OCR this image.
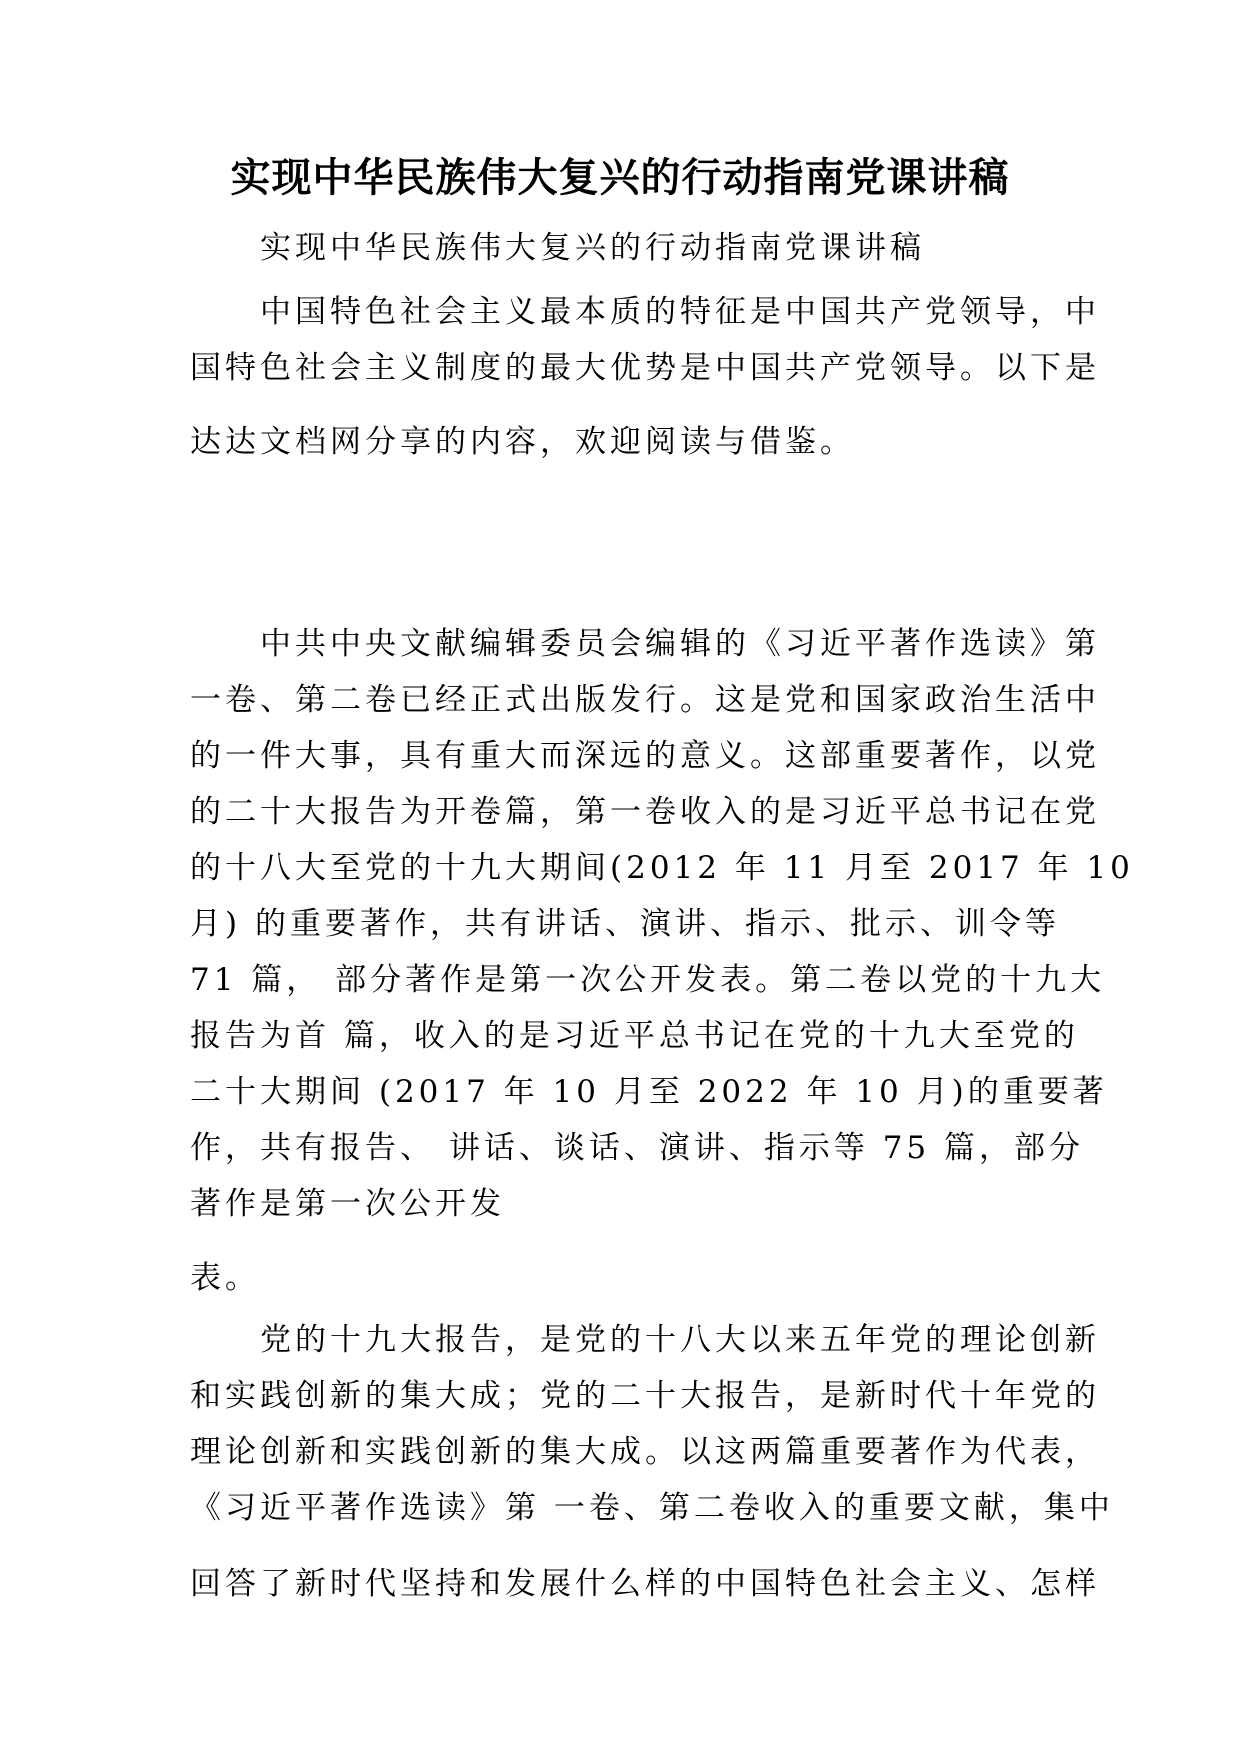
实现中华民族伟大复兴的行动指南党课讲稿
实现中华民族伟大复兴的行动指南党课讲稿
中国特色社会主义最本质的特征是中国共产党领导，中
国特色社会主义制度的最大优势是中国共产党领导。以下是
达达文档网分享的内容，欢迎阅读与借鉴。
中共中央文献编辑委员会编辑的《习近平著作选读》第
一卷、第二卷已经正式出版发行。这是党和国家政治生活中
的一件大事，具有重大而深远的意义。这部重要著作，以党
的二十大报告为开卷篇，第一卷收入的是习近平总书记在党
的十八大至党的十九大期间(2012 年 11 月至 2017 年 10
月) 的重要著作，共有讲话、演讲、指示、批示、训令等
71 篇， 部分著作是第一次公开发表。第二卷以党的十九大
报告为首 篇，收入的是习近平总书记在党的十九大至党的
二十大期间 (2017 年 10 月至 2022 年 10 月)的重要著
作，共有报告、 讲话、谈话、演讲、指示等 75 篇，部分
著作是第一次公开发
表。
党的十九大报告，是党的十八大以来五年党的理论创新
和实践创新的集大成；党的二十大报告，是新时代十年党的
理论创新和实践创新的集大成。以这两篇重要著作为代表，
《习近平著作选读》第 一卷、第二卷收入的重要文献，集中
回答了新时代坚持和发展什么样的中国特色社会主义、怎样
